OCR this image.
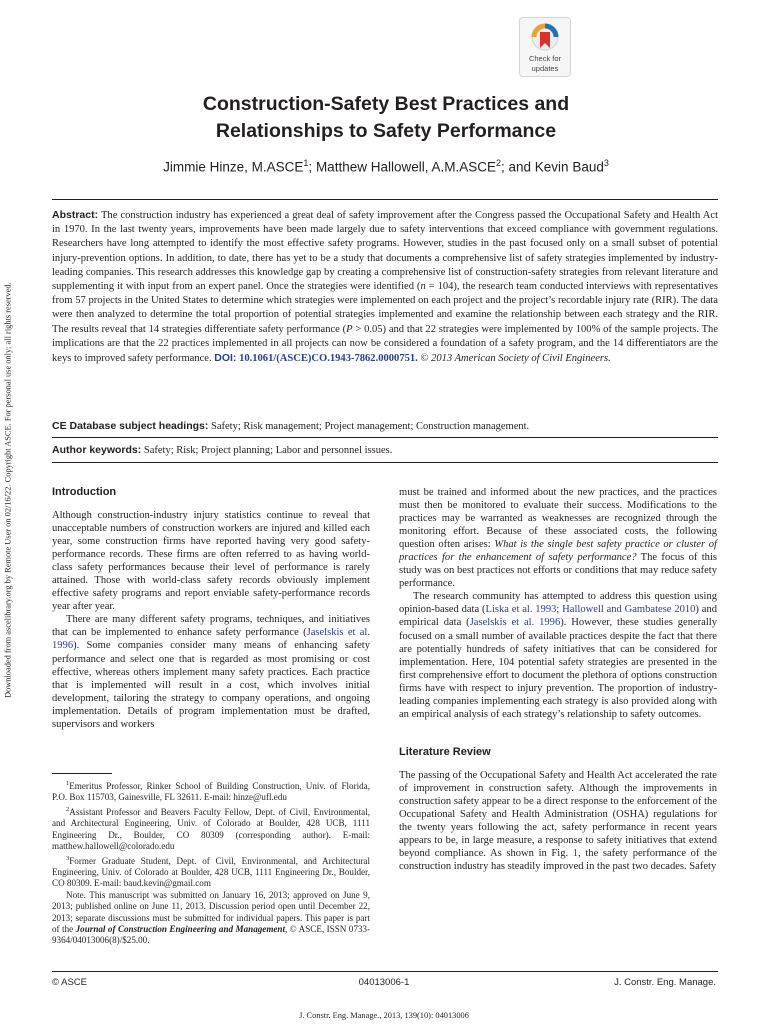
Downloaded from ascelibrary.org by Remote User on 02/16/22. Copyright ASCE. For personal use only; all rights reserved.
Check for
updates
Construction-Safety Best Practices and
Relationships to Safety Performance
Jimmie Hinze, M.ASCE$^1$; Matthew Hallowell, A.M.ASCE$^2$; and Kevin Baud$^3$

Abstract: The construction industry has experienced a great deal of safety improvement after the Congress passed the Occupational Safety and Health Act in 1970. In the last twenty years, improvements have been made largely due to safety interventions that exceed compliance with government regulations. Researchers have long attempted to identify the most effective safety programs. However, studies in the past focused only on a small subset of potential injury-prevention options. In addition, to date, there has yet to be a study that documents a comprehensive list of safety strategies implemented by industry-leading companies. This research addresses this knowledge gap by creating a comprehensive list of construction-safety strategies from relevant literature and supplementing it with input from an expert panel. Once the strategies were identified (n = 104), the research team conducted interviews with representatives from 57 projects in the United States to determine which strategies were implemented on each project and the project’s recordable injury rate (RIR). The data were then analyzed to determine the total proportion of potential strategies implemented and examine the relationship between each strategy and the RIR. The results reveal that 14 strategies differentiate safety performance (P > 0.05) and that 22 strategies were implemented by 100% of the sample projects. The implications are that the 22 practices implemented in all projects can now be considered a foundation of a safety program, and the 14 differentiators are the keys to improved safety performance. DOI: 10.1061/(ASCE)CO.1943-7862.0000751. © 2013 American Society of Civil Engineers.

CE Database subject headings: Safety; Risk management; Project management; Construction management.

Author keywords: Safety; Risk; Project planning; Labor and personnel issues.

Introduction

Although construction-industry injury statistics continue to reveal that unacceptable numbers of construction workers are injured and killed each year, some construction firms have reported having very good safety-performance records. These firms are often referred to as having world-class safety performances because their level of performance is rarely attained. Those with world-class safety records obviously implement effective safety programs and report enviable safety-performance records year after year.

There are many different safety programs, techniques, and initiatives that can be implemented to enhance safety performance (Jaselskis et al. 1996). Some companies consider many means of enhancing safety performance and select one that is regarded as most promising or cost effective, whereas others implement many safety practices. Each practice that is implemented will result in a cost, which involves initial development, tailoring the strategy to company operations, and ongoing implementation. Details of program implementation must be drafted, supervisors and workers

must be trained and informed about the new practices, and the practices must then be monitored to evaluate their success. Modifications to the practices may be warranted as weaknesses are recognized through the monitoring effort. Because of these associated costs, the following question often arises: What is the single best safety practice or cluster of practices for the enhancement of safety performance? The focus of this study was on best practices not efforts or conditions that may reduce safety performance.

The research community has attempted to address this question using opinion-based data (Liska et al. 1993; Hallowell and Gambatese 2010) and empirical data (Jaselskis et al. 1996). However, these studies generally focused on a small number of available practices despite the fact that there are potentially hundreds of safety initiatives that can be considered for implementation. Here, 104 potential safety strategies are presented in the first comprehensive effort to document the plethora of options construction firms have with respect to injury prevention. The proportion of industry-leading companies implementing each strategy is also provided along with an empirical analysis of each strategy’s relationship to safety outcomes.

Literature Review

The passing of the Occupational Safety and Health Act accelerated the rate of improvement in construction safety. Although the improvements in construction safety appear to be a direct response to the enforcement of the Occupational Safety and Health Administration (OSHA) regulations for the twenty years following the act, safety performance in recent years appears to be, in large measure, a response to safety initiatives that extend beyond compliance. As shown in Fig. 1, the safety performance of the construction industry has steadily improved in the past two decades. Safety

$^1$Emeritus Professor, Rinker School of Building Construction, Univ. of Florida, P.O. Box 115703, Gainesville, FL 32611. E-mail: hinze@ufl.edu

$^2$Assistant Professor and Beavers Faculty Fellow, Dept. of Civil, Environmental, and Architectural Engineering, Univ. of Colorado at Boulder, 428 UCB, 1111 Engineering Dr., Boulder, CO 80309 (corresponding author). E-mail: matthew.hallowell@colorado.edu

$^3$Former Graduate Student, Dept. of Civil, Environmental, and Architectural Engineering, Univ. of Colorado at Boulder, 428 UCB, 1111 Engineering Dr., Boulder, CO 80309. E-mail: baud.kevin@gmail.com

Note. This manuscript was submitted on January 16, 2013; approved on June 9, 2013; published online on June 11, 2013. Discussion period open until December 22, 2013; separate discussions must be submitted for individual papers. This paper is part of the Journal of Construction Engineering and Management, © ASCE, ISSN 0733-9364/04013006(8)/$25.00.

© ASCE	04013006-1	J. Constr. Eng. Manage.
J. Constr. Eng. Manage., 2013, 139(10): 04013006
